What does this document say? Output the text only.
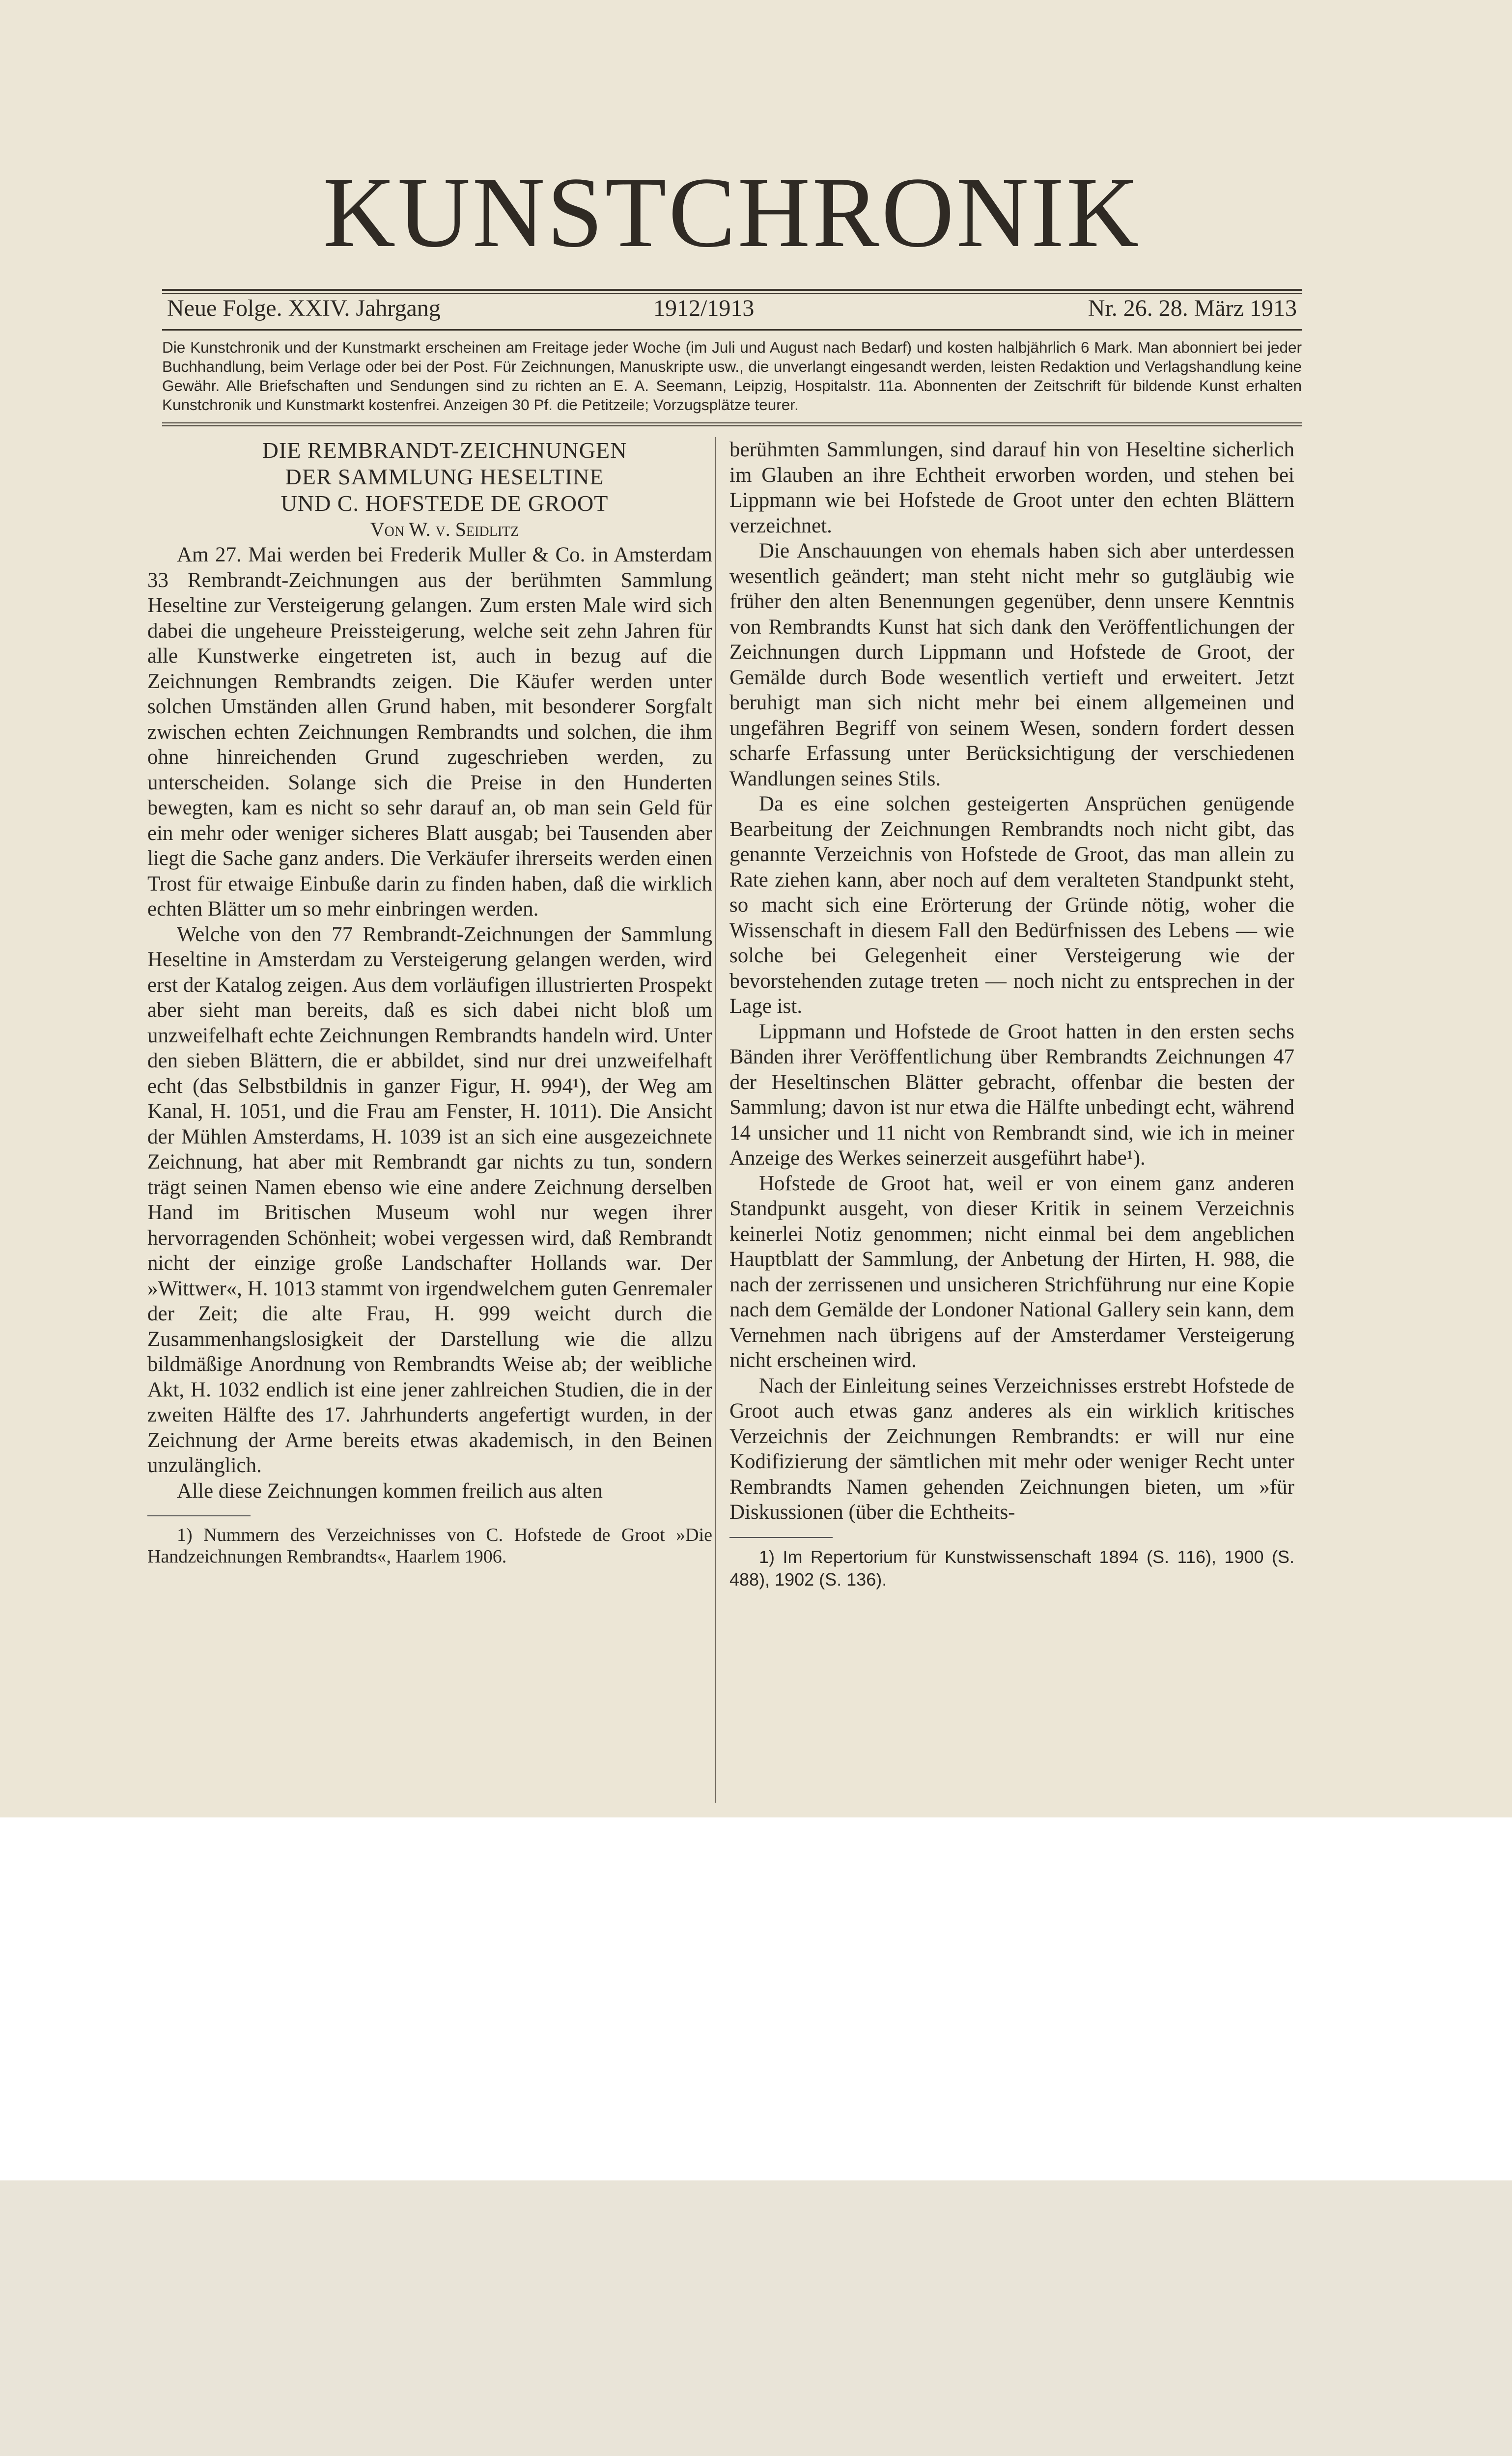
KUNSTCHRONIK
Neue Folge. XXIV. Jahrgang	1912/1913	Nr. 26. 28. März 1913
Die Kunstchronik und der Kunstmarkt erscheinen am Freitage jeder Woche (im Juli und August nach Bedarf) und kosten halbjährlich 6 Mark. Man abonniert bei jeder Buchhandlung, beim Verlage oder bei der Post. Für Zeichnungen, Manuskripte usw., die unverlangt eingesandt werden, leisten Redaktion und Verlagshandlung keine Gewähr. Alle Briefschaften und Sendungen sind zu richten an E. A. Seemann, Leipzig, Hospitalstr. 11a. Abonnenten der Zeitschrift für bildende Kunst erhalten Kunstchronik und Kunstmarkt kostenfrei. Anzeigen 30 Pf. die Petitzeile; Vorzugsplätze teurer.

DIE REMBRANDT-ZEICHNUNGEN

DER SAMMLUNG HESELTINE

UND C. HOFSTEDE DE GROOT

Von W. v. Seidlitz

Am 27. Mai werden bei Frederik Muller & Co. in Amsterdam 33 Rembrandt-Zeichnungen aus der berühmten Sammlung Heseltine zur Versteigerung gelangen. Zum ersten Male wird sich dabei die ungeheure Preissteigerung, welche seit zehn Jahren für alle Kunstwerke eingetreten ist, auch in bezug auf die Zeichnungen Rembrandts zeigen. Die Käufer werden unter solchen Umständen allen Grund haben, mit besonderer Sorgfalt zwischen echten Zeichnungen Rembrandts und solchen, die ihm ohne hinreichenden Grund zugeschrieben werden, zu unterscheiden. Solange sich die Preise in den Hunderten bewegten, kam es nicht so sehr darauf an, ob man sein Geld für ein mehr oder weniger sicheres Blatt ausgab; bei Tausenden aber liegt die Sache ganz anders. Die Verkäufer ihrerseits werden einen Trost für etwaige Einbuße darin zu finden haben, daß die wirklich echten Blätter um so mehr einbringen werden.

Welche von den 77 Rembrandt-Zeichnungen der Sammlung Heseltine in Amsterdam zu Versteigerung gelangen werden, wird erst der Katalog zeigen. Aus dem vorläufigen illustrierten Prospekt aber sieht man bereits, daß es sich dabei nicht bloß um unzweifelhaft echte Zeichnungen Rembrandts handeln wird. Unter den sieben Blättern, die er abbildet, sind nur drei unzweifelhaft echt (das Selbstbildnis in ganzer Figur, H. 994¹), der Weg am Kanal, H. 1051, und die Frau am Fenster, H. 1011). Die Ansicht der Mühlen Amsterdams, H. 1039 ist an sich eine ausgezeichnete Zeichnung, hat aber mit Rembrandt gar nichts zu tun, sondern trägt seinen Namen ebenso wie eine andere Zeichnung derselben Hand im Britischen Museum wohl nur wegen ihrer hervorragenden Schönheit; wobei vergessen wird, daß Rembrandt nicht der einzige große Landschafter Hollands war. Der »Wittwer«, H. 1013 stammt von irgendwelchem guten Genremaler der Zeit; die alte Frau, H. 999 weicht durch die Zusammenhangslosigkeit der Darstellung wie die allzu bildmäßige Anordnung von Rembrandts Weise ab; der weibliche Akt, H. 1032 endlich ist eine jener zahlreichen Studien, die in der zweiten Hälfte des 17. Jahrhunderts angefertigt wurden, in der Zeichnung der Arme bereits etwas akademisch, in den Beinen unzulänglich.

Alle diese Zeichnungen kommen freilich aus alten

1) Nummern des Verzeichnisses von C. Hofstede de Groot »Die Handzeichnungen Rembrandts«, Haarlem 1906.

berühmten Sammlungen, sind darauf hin von Heseltine sicherlich im Glauben an ihre Echtheit erworben worden, und stehen bei Lippmann wie bei Hofstede de Groot unter den echten Blättern verzeichnet.

Die Anschauungen von ehemals haben sich aber unterdessen wesentlich geändert; man steht nicht mehr so gutgläubig wie früher den alten Benennungen gegenüber, denn unsere Kenntnis von Rembrandts Kunst hat sich dank den Veröffentlichungen der Zeichnungen durch Lippmann und Hofstede de Groot, der Gemälde durch Bode wesentlich vertieft und erweitert. Jetzt beruhigt man sich nicht mehr bei einem allgemeinen und ungefähren Begriff von seinem Wesen, sondern fordert dessen scharfe Erfassung unter Berücksichtigung der verschiedenen Wandlungen seines Stils.

Da es eine solchen gesteigerten Ansprüchen genügende Bearbeitung der Zeichnungen Rembrandts noch nicht gibt, das genannte Verzeichnis von Hofstede de Groot, das man allein zu Rate ziehen kann, aber noch auf dem veralteten Standpunkt steht, so macht sich eine Erörterung der Gründe nötig, woher die Wissenschaft in diesem Fall den Bedürfnissen des Lebens — wie solche bei Gelegenheit einer Versteigerung wie der bevorstehenden zutage treten — noch nicht zu entsprechen in der Lage ist.

Lippmann und Hofstede de Groot hatten in den ersten sechs Bänden ihrer Veröffentlichung über Rembrandts Zeichnungen 47 der Heseltinschen Blätter gebracht, offenbar die besten der Sammlung; davon ist nur etwa die Hälfte unbedingt echt, während 14 unsicher und 11 nicht von Rembrandt sind, wie ich in meiner Anzeige des Werkes seinerzeit ausgeführt habe¹).

Hofstede de Groot hat, weil er von einem ganz anderen Standpunkt ausgeht, von dieser Kritik in seinem Verzeichnis keinerlei Notiz genommen; nicht einmal bei dem angeblichen Hauptblatt der Sammlung, der Anbetung der Hirten, H. 988, die nach der zerrissenen und unsicheren Strichführung nur eine Kopie nach dem Gemälde der Londoner National Gallery sein kann, dem Vernehmen nach übrigens auf der Amsterdamer Versteigerung nicht erscheinen wird.

Nach der Einleitung seines Verzeichnisses erstrebt Hofstede de Groot auch etwas ganz anderes als ein wirklich kritisches Verzeichnis der Zeichnungen Rembrandts: er will nur eine Kodifizierung der sämtlichen mit mehr oder weniger Recht unter Rembrandts Namen gehenden Zeichnungen bieten, um »für Diskussionen (über die Echtheits-

1) Im Repertorium für Kunstwissenschaft 1894 (S. 116), 1900 (S. 488), 1902 (S. 136).
